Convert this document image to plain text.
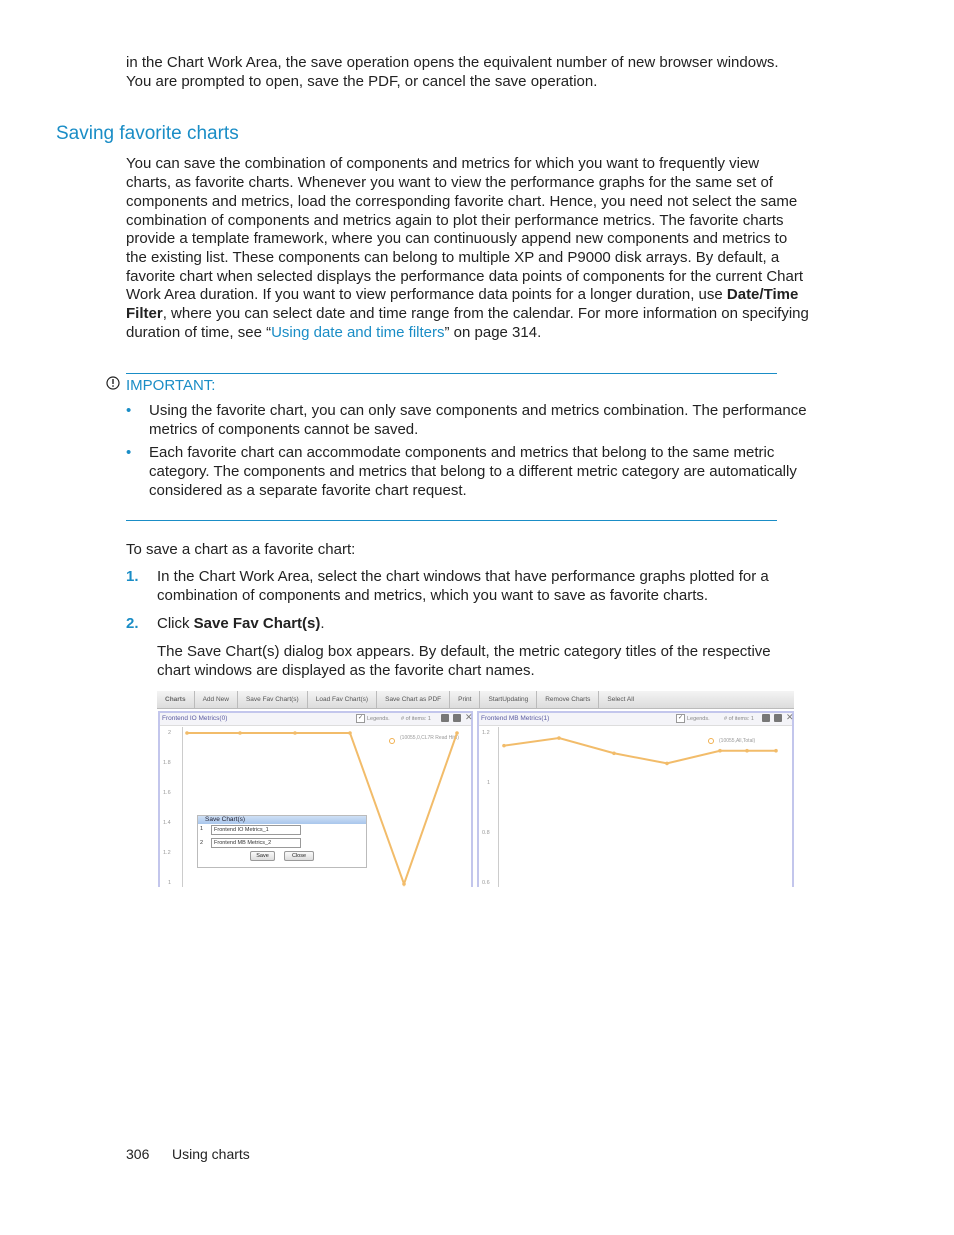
in the Chart Work Area, the save operation opens the equivalent number of new browser windows.
You are prompted to open, save the PDF, or cancel the save operation.
Saving favorite charts
You can save the combination of components and metrics for which you want to frequently view
charts, as favorite charts. Whenever you want to view the performance graphs for the same set of
components and metrics, load the corresponding favorite chart. Hence, you need not select the same
combination of components and metrics again to plot their performance metrics. The favorite charts
provide a template framework, where you can continuously append new components and metrics to
the existing list. These components can belong to multiple XP and P9000 disk arrays. By default, a
favorite chart when selected displays the performance data points of components for the current Chart
Work Area duration. If you want to view performance data points for a longer duration, use Date/Time
Filter, where you can select date and time range from the calendar. For more information on specifying
duration of time, see “Using date and time filters” on page 314.
IMPORTANT:
• Using the favorite chart, you can only save components and metrics combination. The performance
metrics of components cannot be saved.
• Each favorite chart can accommodate components and metrics that belong to the same metric
category. The components and metrics that belong to a different metric category are automatically
considered as a separate favorite chart request.
To save a chart as a favorite chart:
1. In the Chart Work Area, select the chart windows that have performance graphs plotted for a
combination of components and metrics, which you want to save as favorite charts.
2. Click Save Fav Chart(s).
The Save Chart(s) dialog box appears. By default, the metric category titles of the respective
chart windows are displayed as the favorite chart names.
Charts	Add New	Save Fav Chart(s)	Load Fav Chart(s)	Save Chart as PDF	Print	StartUpdating	Remove Charts	Select All
Frontend IO Metrics(0)	✓ Legends. # of items: 1	✕
2
1.8
1.6
1.4
1.2
1
(10055,0,CL7R Read Hits)
Frontend MB Metrics(1)	✓ Legends.	# of items: 1	✕
1.2
1
0.8
0.6
(10055,All,Total)
Save Chart(s)
1	Frontend IO Metrics_1
2	Frontend MB Metrics_2
Save	Close
306 Using charts
